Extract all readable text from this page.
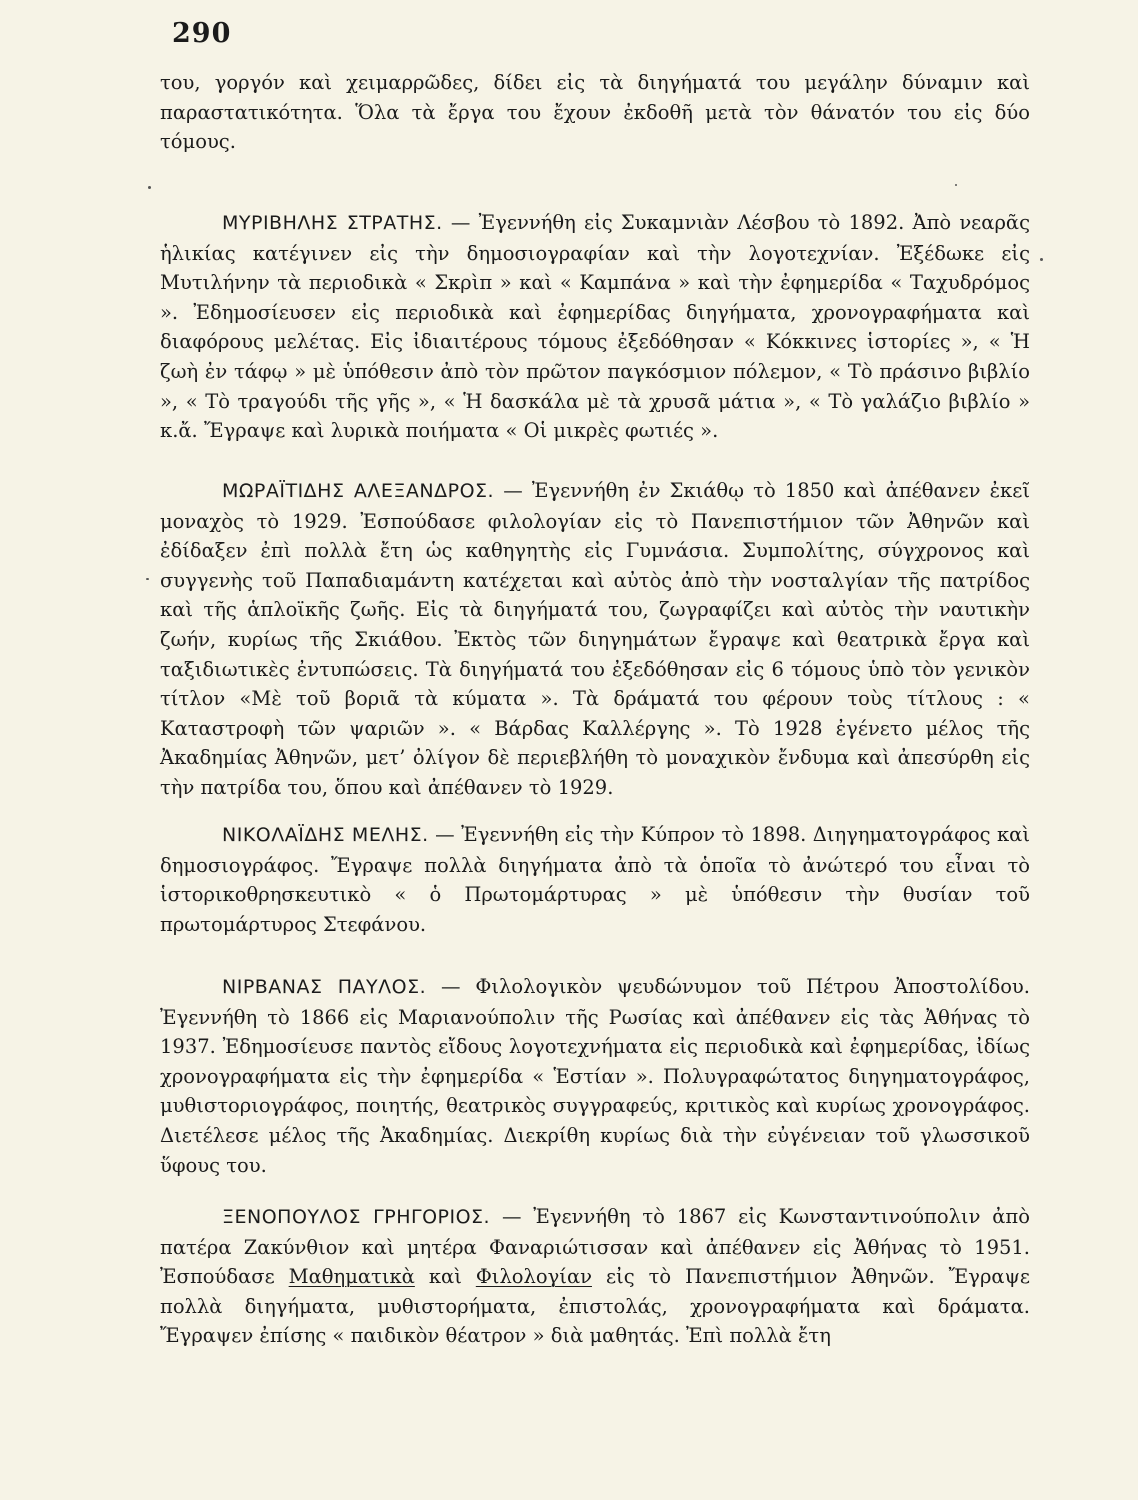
290

του, γοργόν καὶ χειμαρρῶδες, δίδει εἰς τὰ διηγήματά του μεγάλην δύναμιν καὶ παραστατικότητα. Ὅλα τὰ ἔργα του ἔχουν ἐκδοθῆ μετὰ τὸν θάνατόν του εἰς δύο τόμους.

ΜΥΡΙΒΗΛΗΣ ΣΤΡΑΤΗΣ. — Ἐγεννήθη εἰς Συκαμνιὰν Λέσβου τὸ 1892. Ἀπὸ νεαρᾶς ἡλικίας κατέγινεν εἰς τὴν δημοσιογραφίαν καὶ τὴν λογοτεχνίαν. Ἐξέδωκε εἰς Μυτιλήνην τὰ περιοδικὰ « Σκρὶπ » καὶ « Καμπάνα » καὶ τὴν ἐφημερίδα « Ταχυδρόμος ». Ἐδημοσίευσεν εἰς περιοδικὰ καὶ ἐφημερίδας διηγήματα, χρονογραφήματα καὶ διαφόρους μελέτας. Εἰς ἰδιαιτέρους τόμους ἐξεδόθησαν « Κόκκινες ἱστορίες », « Ἡ ζωὴ ἐν τάφῳ » μὲ ὑπόθεσιν ἀπὸ τὸν πρῶτον παγκόσμιον πόλεμον, « Τὸ πράσινο βιβλίο », « Τὸ τραγούδι τῆς γῆς », « Ἡ δασκάλα μὲ τὰ χρυσᾶ μάτια », « Τὸ γαλάζιο βιβλίο » κ.ἄ. Ἔγραψε καὶ λυρικὰ ποιήματα « Οἱ μικρὲς φωτιές ».

ΜΩΡΑΪΤΙΔΗΣ ΑΛΕΞΑΝΔΡΟΣ. — Ἐγεννήθη ἐν Σκιάθῳ τὸ 1850 καὶ ἀπέθανεν ἐκεῖ μοναχὸς τὸ 1929. Ἐσπούδασε φιλολογίαν εἰς τὸ Πανεπιστήμιον τῶν Ἀθηνῶν καὶ ἐδίδαξεν ἐπὶ πολλὰ ἔτη ὡς καθηγητὴς εἰς Γυμνάσια. Συμπολίτης, σύγχρονος καὶ συγγενὴς τοῦ Παπαδιαμάντη κατέχεται καὶ αὐτὸς ἀπὸ τὴν νοσταλγίαν τῆς πατρίδος καὶ τῆς ἁπλοϊκῆς ζωῆς. Εἰς τὰ διηγήματά του, ζωγραφίζει καὶ αὐτὸς τὴν ναυτικὴν ζωήν, κυρίως τῆς Σκιάθου. Ἐκτὸς τῶν διηγημάτων ἔγραψε καὶ θεατρικὰ ἔργα καὶ ταξιδιωτικὲς ἐντυπώσεις. Τὰ διηγήματά του ἐξεδόθησαν εἰς 6 τόμους ὑπὸ τὸν γενικὸν τίτλον «Μὲ τοῦ βοριᾶ τὰ κύματα ». Τὰ δράματά του φέρουν τοὺς τίτλους : « Καταστροφὴ τῶν ψαριῶν ». « Βάρδας Καλλέργης ». Τὸ 1928 ἐγένετο μέλος τῆς Ἀκαδημίας Ἀθηνῶν, μετ’ ὀλίγον δὲ περιεβλήθη τὸ μοναχικὸν ἔνδυμα καὶ ἀπεσύρθη εἰς τὴν πατρίδα του, ὅπου καὶ ἀπέθανεν τὸ 1929.

ΝΙΚΟΛΑΪΔΗΣ ΜΕΛΗΣ. — Ἐγεννήθη εἰς τὴν Κύπρον τὸ 1898. Διηγηματογράφος καὶ δημοσιογράφος. Ἔγραψε πολλὰ διηγήματα ἀπὸ τὰ ὁποῖα τὸ ἀνώτερό του εἶναι τὸ ἱστορικοθρησκευτικὸ « ὁ Πρωτομάρτυρας » μὲ ὑπόθεσιν τὴν θυσίαν τοῦ πρωτομάρτυρος Στεφάνου.

ΝΙΡΒΑΝΑΣ ΠΑΥΛΟΣ. — Φιλολογικὸν ψευδώνυμον τοῦ Πέτρου Ἀποστολίδου. Ἐγεννήθη τὸ 1866 εἰς Μαριανούπολιν τῆς Ρωσίας καὶ ἀπέθανεν εἰς τὰς Ἀθήνας τὸ 1937. Ἐδημοσίευσε παντὸς εἴδους λογοτεχνήματα εἰς περιοδικὰ καὶ ἐφημερίδας, ἰδίως χρονογραφήματα εἰς τὴν ἐφημερίδα « Ἑστίαν ». Πολυγραφώτατος διηγηματογράφος, μυθιστοριογράφος, ποιητής, θεατρικὸς συγγραφεύς, κριτικὸς καὶ κυρίως χρονογράφος. Διετέλεσε μέλος τῆς Ἀκαδημίας. Διεκρίθη κυρίως διὰ τὴν εὐγένειαν τοῦ γλωσσικοῦ ὕφους του.

ΞΕΝΟΠΟΥΛΟΣ ΓΡΗΓΟΡΙΟΣ. — Ἐγεννήθη τὸ 1867 εἰς Κωνσταντινούπολιν ἀπὸ πατέρα Ζακύνθιον καὶ μητέρα Φαναριώτισσαν καὶ ἀπέθανεν εἰς Ἀθήνας τὸ 1951. Ἐσπούδασε Μαθηματικὰ καὶ Φιλολογίαν εἰς τὸ Πανεπιστήμιον Ἀθηνῶν. Ἔγραψε πολλὰ διηγήματα, μυθιστορήματα, ἐπιστολάς, χρονογραφήματα καὶ δράματα. Ἔγραψεν ἐπίσης « παιδικὸν θέατρον » διὰ μαθητάς. Ἐπὶ πολλὰ ἔτη
